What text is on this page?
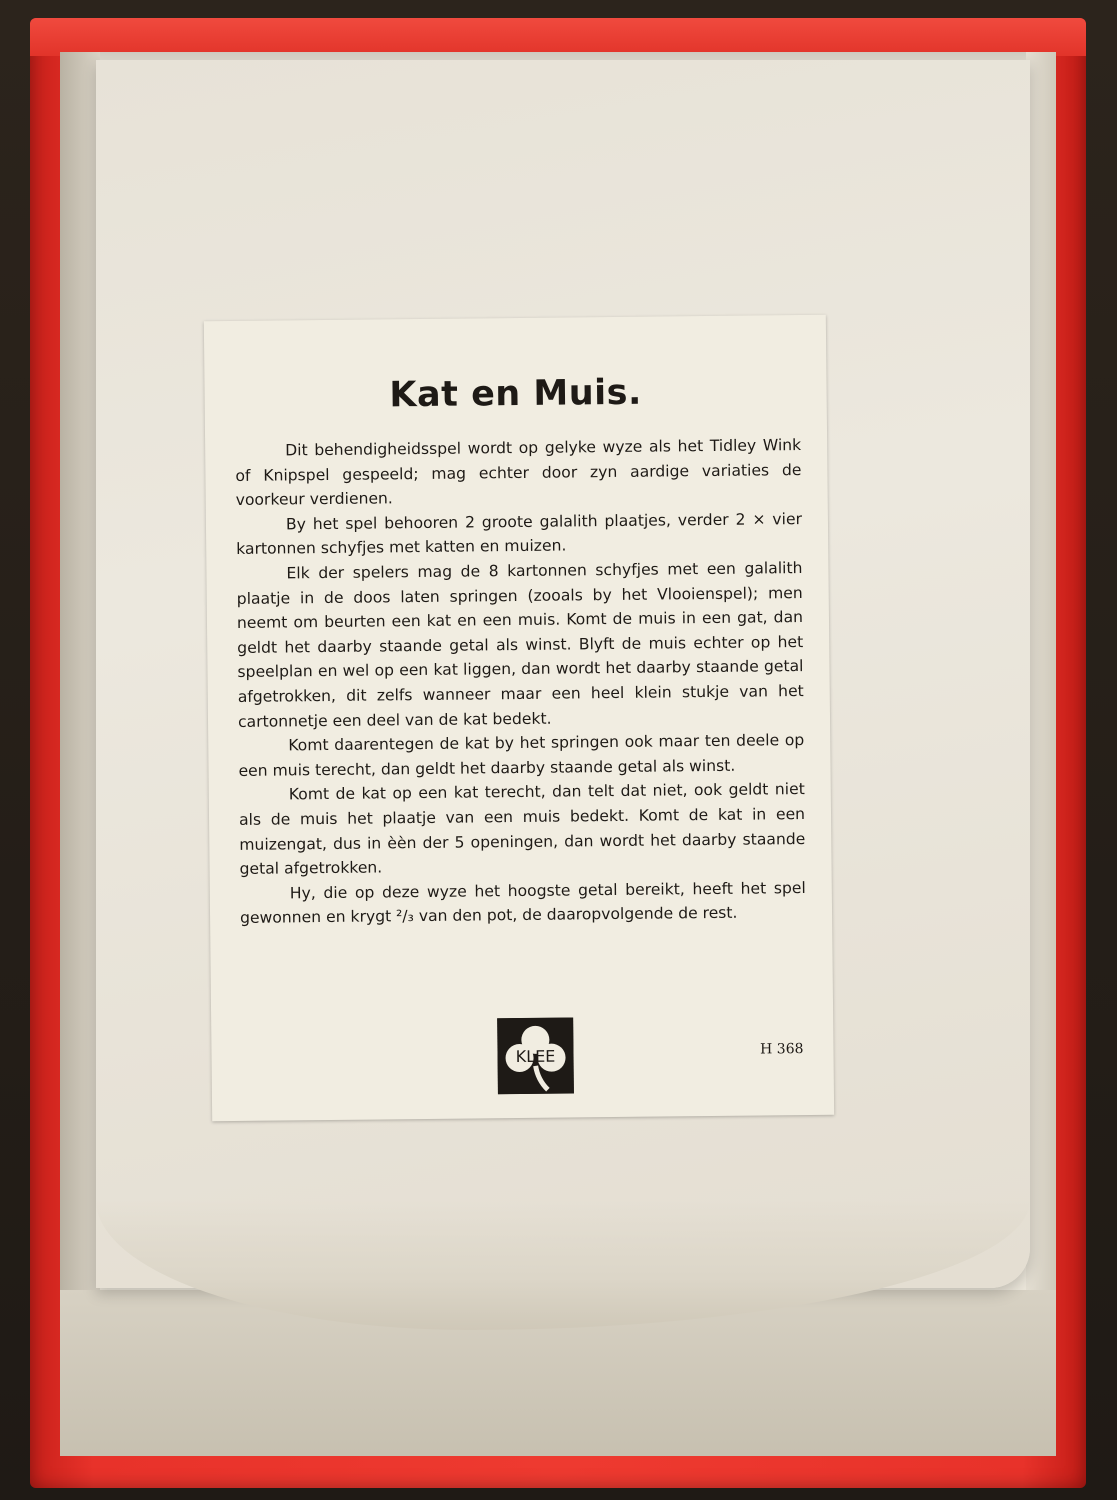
Kat en Muis.

Dit behendigheidsspel wordt op gelyke wyze als het Tidley Wink of Knipspel gespeeld; mag echter door zyn aardige variaties de voorkeur verdienen.

By het spel behooren 2 groote galalith plaatjes, verder 2 × vier kartonnen schyfjes met katten en muizen.

Elk der spelers mag de 8 kartonnen schyfjes met een galalith plaatje in de doos laten springen (zooals by het Vlooienspel); men neemt om beurten een kat en een muis. Komt de muis in een gat, dan geldt het daarby staande getal als winst. Blyft de muis echter op het speelplan en wel op een kat liggen, dan wordt het daarby staande getal afgetrokken, dit zelfs wanneer maar een heel klein stukje van het cartonnetje een deel van de kat bedekt.

Komt daarentegen de kat by het springen ook maar ten deele op een muis terecht, dan geldt het daarby staande getal als winst.

Komt de kat op een kat terecht, dan telt dat niet, ook geldt niet als de muis het plaatje van een muis bedekt. Komt de kat in een muizengat, dus in èèn der 5 openingen, dan wordt het daarby staande getal afgetrokken.

Hy, die op deze wyze het hoogste getal bereikt, heeft het spel gewonnen en krygt ²/₃ van den pot, de daaropvolgende de rest.

KLEE	H 368
